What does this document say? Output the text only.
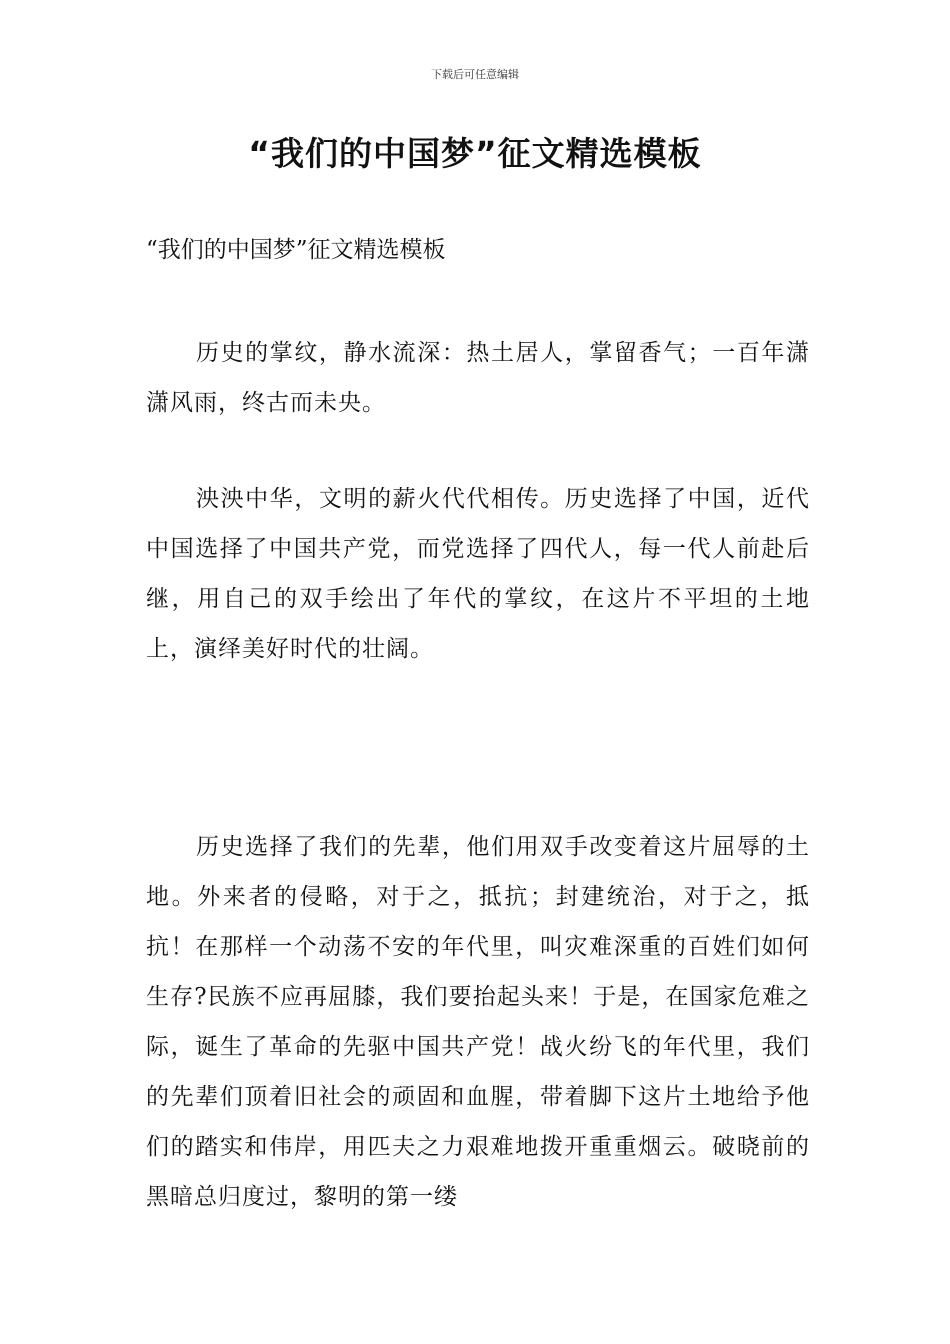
下载后可任意编辑
“我们的中国梦”征文精选模板

“我们的中国梦”征文精选模板

历史的掌纹，静水流深：热土居人，掌留香气；一百年潇潇风雨，终古而未央。

泱泱中华，文明的薪火代代相传。历史选择了中国，近代中国选择了中国共产党，而党选择了四代人，每一代人前赴后继，用自己的双手绘出了年代的掌纹，在这片不平坦的土地上，演绎美好时代的壮阔。

历史选择了我们的先辈，他们用双手改变着这片屈辱的土地。外来者的侵略，对于之，抵抗；封建统治，对于之，抵抗！在那样一个动荡不安的年代里，叫灾难深重的百姓们如何生存?民族不应再屈膝，我们要抬起头来！于是，在国家危难之际，诞生了革命的先驱中国共产党！战火纷飞的年代里，我们的先辈们顶着旧社会的顽固和血腥，带着脚下这片土地给予他们的踏实和伟岸，用匹夫之力艰难地拨开重重烟云。破晓前的黑暗总归度过，黎明的第一缕
